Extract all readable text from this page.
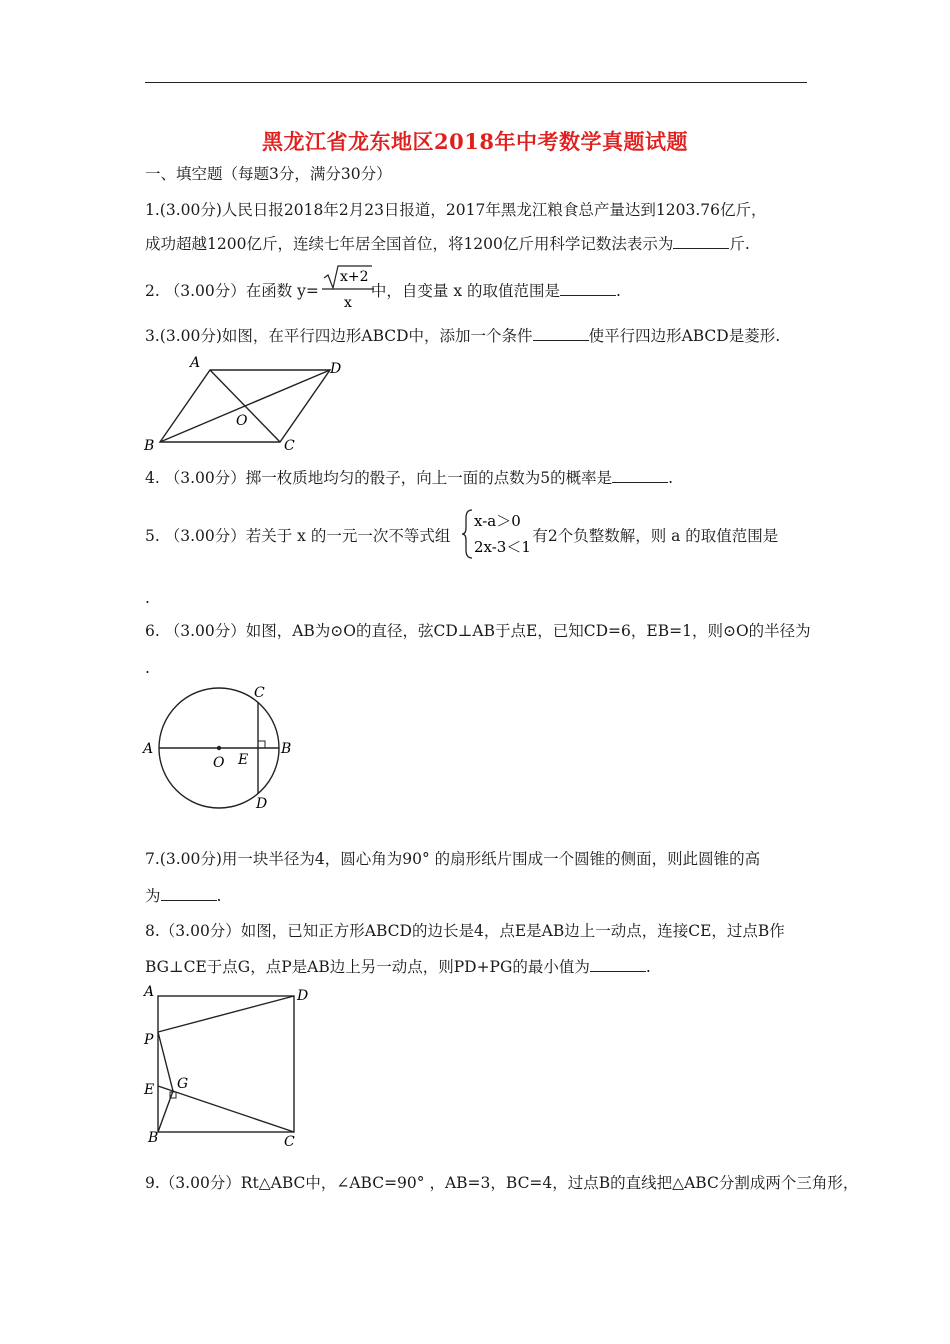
黑龙江省龙东地区2018年中考数学真题试题
一、填空题（每题3分，满分30分）
1.(3.00分)人民日报2018年2月23日报道，2017年黑龙江粮食总产量达到1203.76亿斤，
成功超越1200亿斤，连续七年居全国首位，将1200亿斤用科学记数法表示为	斤.
2. （3.00分）在函数 y=	中，自变量 x 的取值范围是	.
x+2
x
3.(3.00分)如图，在平行四边形ABCD中，添加一个条件	使平行四边形ABCD是菱形.
A	D
B	C
O
4. （3.00分）掷一枚质地均匀的骰子，向上一面的点数为5的概率是	.
5. （3.00分）若关于 x 的一元一次不等式组	有2个负整数解，则 a 的取值范围是
x-a＞0
2x-3＜1
.
6. （3.00分）如图，AB为⊙O的直径，弦CD⊥AB于点E，已知CD=6，EB=1，则⊙O的半径为
.
A	B
C
D
E
O
7.(3.00分)用一块半径为4，圆心角为90° 的扇形纸片围成一个圆锥的侧面，则此圆锥的高
为	.
8.（3.00分）如图，已知正方形ABCD的边长是4，点E是AB边上一动点，连接CE，过点B作
BG⊥CE于点G，点P是AB边上另一动点，则PD+PG的最小值为	.
A	D
P
E G
B	C
9.（3.00分）Rt△ABC中，∠ABC=90° ，AB=3，BC=4，过点B的直线把△ABC分割成两个三角形，
